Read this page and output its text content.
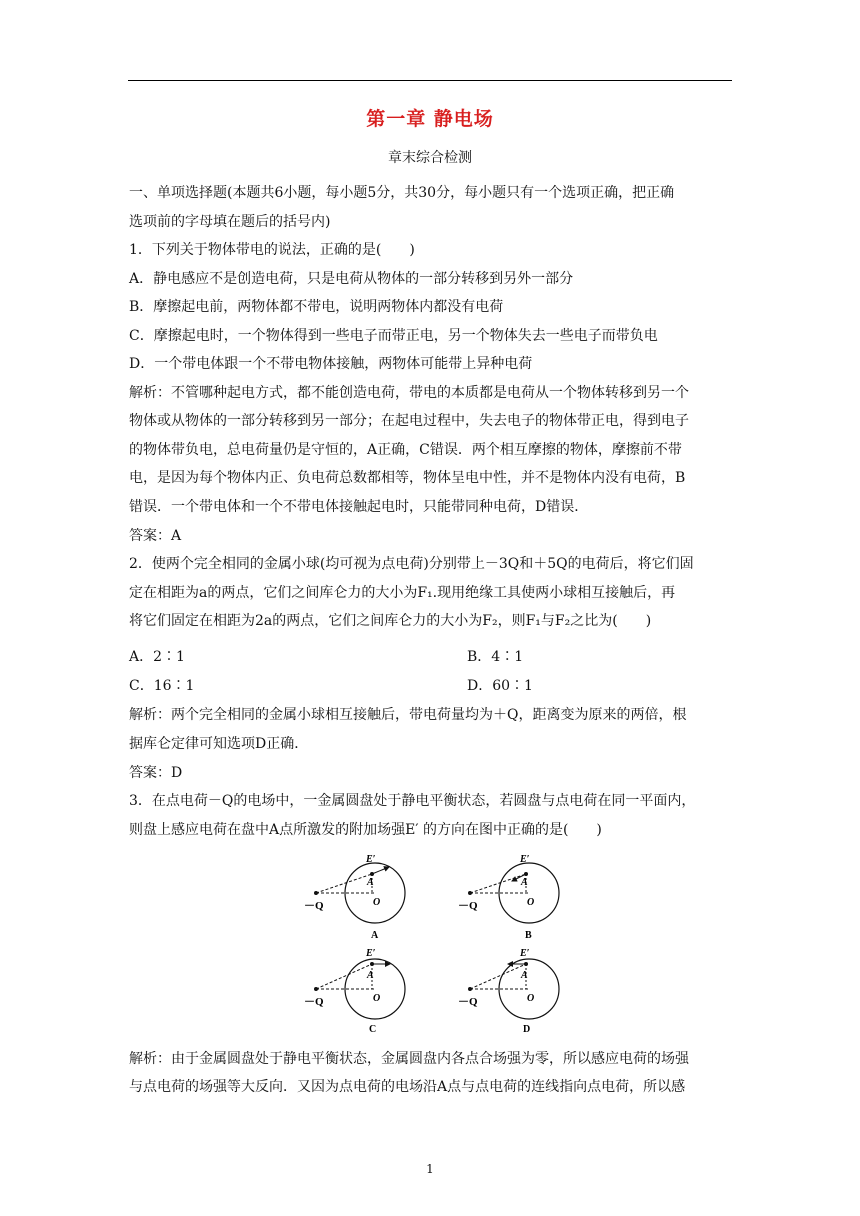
第一章 静电场
章末综合检测
一、单项选择题(本题共6小题，每小题5分，共30分，每小题只有一个选项正确，把正确
选项前的字母填在题后的括号内)
1．下列关于物体带电的说法，正确的是(　　)
A．静电感应不是创造电荷，只是电荷从物体的一部分转移到另外一部分
B．摩擦起电前，两物体都不带电，说明两物体内都没有电荷
C．摩擦起电时，一个物体得到一些电子而带正电，另一个物体失去一些电子而带负电
D．一个带电体跟一个不带电物体接触，两物体可能带上异种电荷
解析：不管哪种起电方式，都不能创造电荷，带电的本质都是电荷从一个物体转移到另一个
物体或从物体的一部分转移到另一部分；在起电过程中，失去电子的物体带正电，得到电子
的物体带负电，总电荷量仍是守恒的，A正确，C错误．两个相互摩擦的物体，摩擦前不带
电，是因为每个物体内正、负电荷总数都相等，物体呈电中性，并不是物体内没有电荷，B
错误．一个带电体和一个不带电体接触起电时，只能带同种电荷，D错误．
答案：A
2．使两个完全相同的金属小球(均可视为点电荷)分别带上－3Q和＋5Q的电荷后，将它们固
定在相距为a的两点，它们之间库仑力的大小为F₁.现用绝缘工具使两小球相互接触后，再
将它们固定在相距为2a的两点，它们之间库仑力的大小为F₂，则F₁与F₂之比为(　　)
A．2∶1	B．4∶1
C．16∶1	D．60∶1
解析：两个完全相同的金属小球相互接触后，带电荷量均为＋Q，距离变为原来的两倍，根
据库仑定律可知选项D正确．
答案：D
3．在点电荷－Q的电场中，一金属圆盘处于静电平衡状态，若圆盘与点电荷在同一平面内，
则盘上感应电荷在盘中A点所激发的附加场强E′ 的方向在图中正确的是(　　)
－Q
E′
A
O
A
－Q
E′
A
O
B
－Q
E′
A
O
C
－Q
E′
A
O
D
解析：由于金属圆盘处于静电平衡状态，金属圆盘内各点合场强为零，所以感应电荷的场强
与点电荷的场强等大反向．又因为点电荷的电场沿A点与点电荷的连线指向点电荷，所以感
1
